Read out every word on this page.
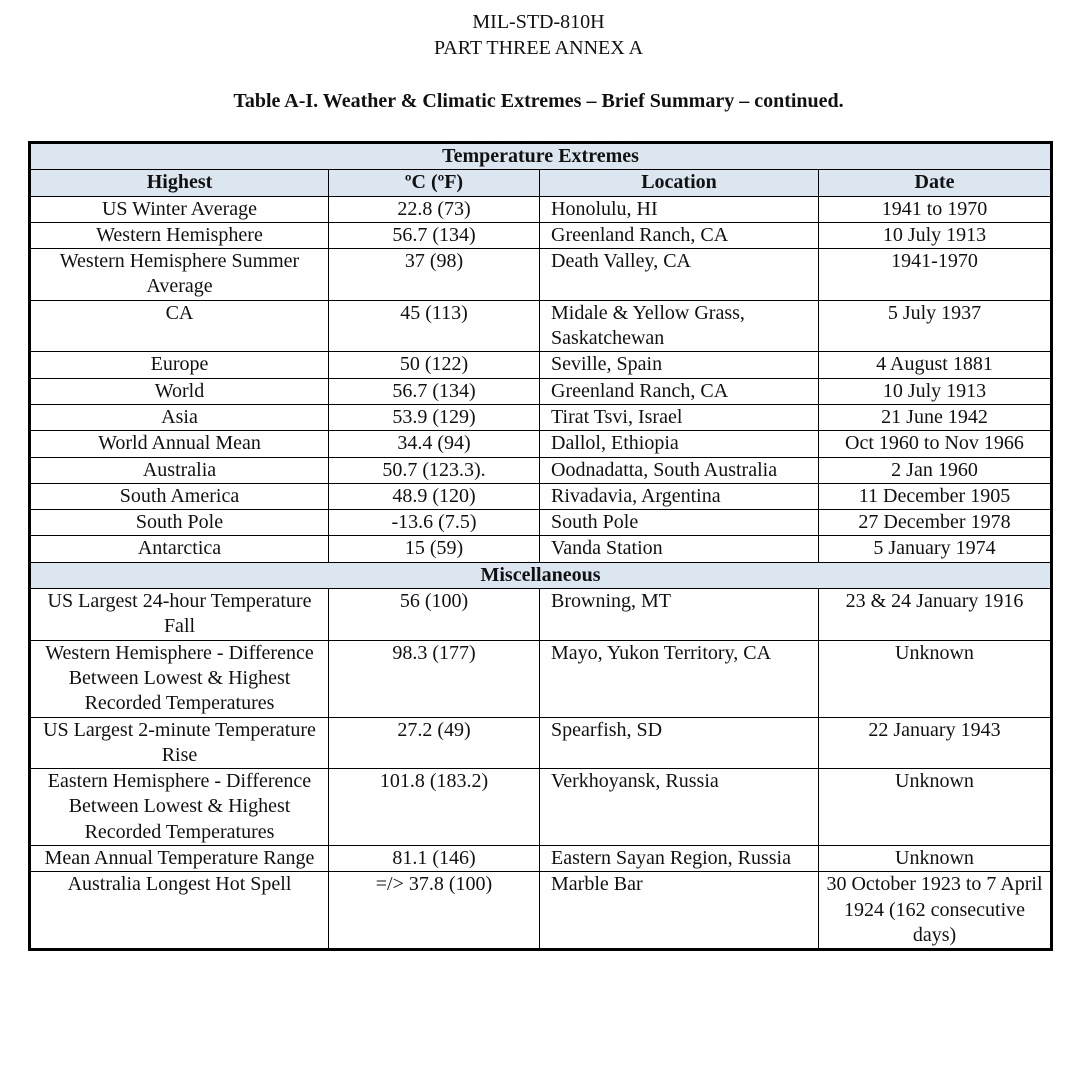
MIL-STD-810H
PART THREE ANNEX A
Table A-I. Weather & Climatic Extremes – Brief Summary – continued.
Temperature Extremes			
Highest	ºC (ºF)	Location	Date
US Winter Average	22.8 (73)	Honolulu, HI	1941 to 1970
Western Hemisphere	56.7 (134)	Greenland Ranch, CA	10 July 1913
Western Hemisphere Summer Average	37 (98)	Death Valley, CA	1941-1970
CA	45 (113)	Midale & Yellow Grass, Saskatchewan	5 July 1937
Europe	50 (122)	Seville, Spain	4 August 1881
World	56.7 (134)	Greenland Ranch, CA	10 July 1913
Asia	53.9 (129)	Tirat Tsvi, Israel	21 June 1942
World Annual Mean	34.4 (94)	Dallol, Ethiopia	Oct 1960 to Nov 1966
Australia	50.7 (123.3).	Oodnadatta, South Australia	2 Jan 1960
South America	48.9 (120)	Rivadavia, Argentina	11 December 1905
South Pole	-13.6 (7.5)	South Pole	27 December 1978
Antarctica	15 (59)	Vanda Station	5 January 1974
Miscellaneous			
US Largest 24-hour Temperature Fall	56 (100)	Browning, MT	23 & 24 January 1916
Western Hemisphere - Difference Between Lowest & Highest Recorded Temperatures	98.3 (177)	Mayo, Yukon Territory, CA	Unknown
US Largest 2-minute Temperature Rise	27.2 (49)	Spearfish, SD	22 January 1943
Eastern Hemisphere - Difference Between Lowest & Highest Recorded Temperatures	101.8 (183.2)	Verkhoyansk, Russia	Unknown
Mean Annual Temperature Range	81.1 (146)	Eastern Sayan Region, Russia	Unknown
Australia Longest Hot Spell	=/> 37.8 (100)	Marble Bar	30 October 1923 to 7 April 1924 (162 consecutive days)
